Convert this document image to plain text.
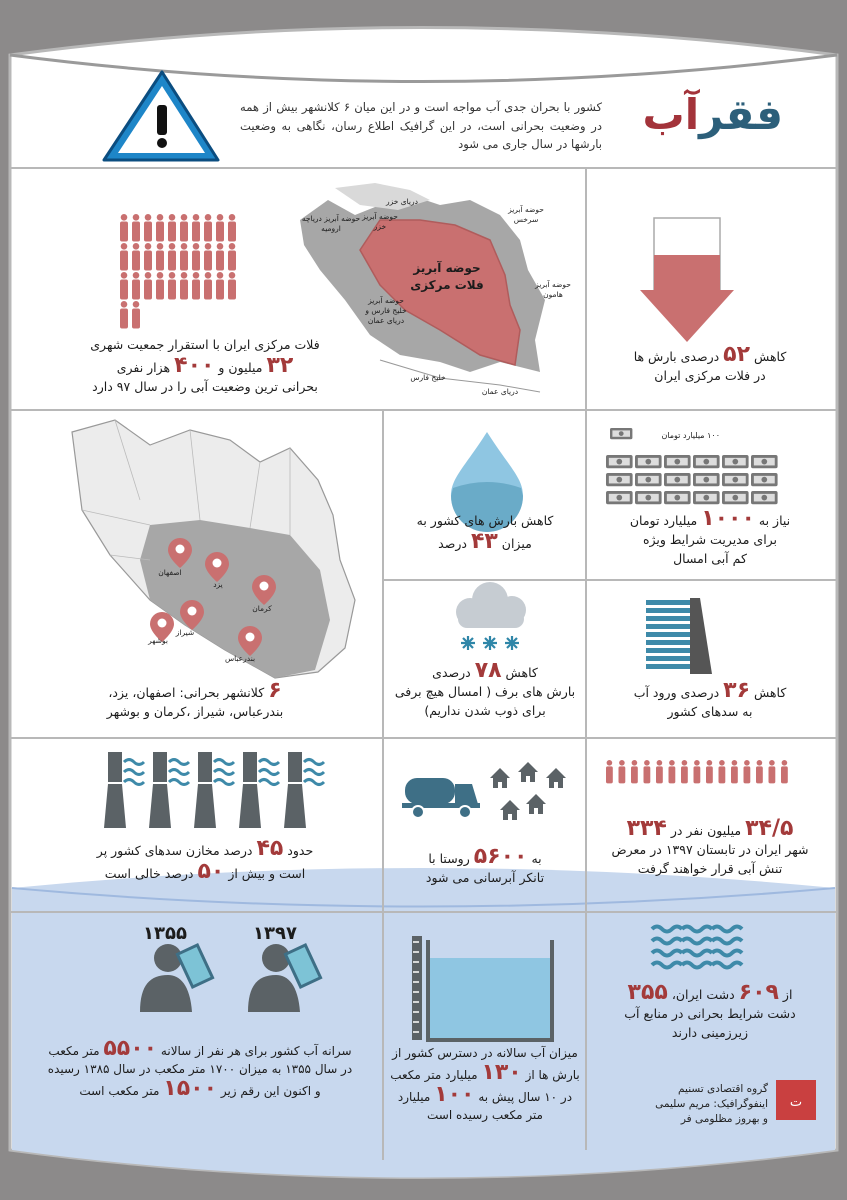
ت
فقرآب
کشور با بحران جدی آب مواجه است و در این میان ۶ کلانشهر بیش از همه در وضعیت بحرانی است، در این گرافیک اطلاع رسان، نگاهی به وضعیت بارشها در سال جاری می شود
حوضه آبریز فلات مرکزی
حوضه آبریز دریاچه ارومیه
حوضه آبریز خزر
دریای خزر
حوضه آبریز سرخس
حوضه آبریز هامون
حوضه آبریز خلیج فارس و دریای عمان
خلیج فارس
دریای عمان
کاهش ۵۲ درصدی بارش ها
در فلات مرکزی ایران
فلات مرکزی ایران با استقرار جمعیت شهری
۳۲ میلیون و ۴۰۰ هزار نفری
بحرانی ترین وضعیت آبی را در سال ۹۷ دارد
۱۰۰ میلیارد تومان
نیاز به ۱۰۰۰ میلیارد تومان
برای مدیریت شرایط ویژه
کم آبی امسال
کاهش بارش های کشور به
میزان ۴۳ درصد
۶ کلانشهر بحرانی: اصفهان، یزد،
بندرعباس، شیراز ،کرمان و بوشهر
اصفهان
یزد
کرمان
شیراز
بوشهر
بندرعباس
کاهش ۷۸ درصدی
بارش های برف ( امسال هیچ برفی
برای ذوب شدن نداریم)
کاهش ۳۶ درصدی ورود آب
به سدهای کشور
حدود ۴۵ درصد مخازن سدهای کشور پر
است و بیش از ۵۰ درصد خالی است
به ۵۶۰۰ روستا با
تانکر آبرسانی می شود
۳۴/۵ میلیون نفر در ۳۳۴
شهر ایران در تابستان ۱۳۹۷ در معرض
تنش آبی قرار خواهند گرفت
۱۳۵۵	۱۳۹۷
سرانه آب کشور برای هر نفر از سالانه ۵۵۰۰ متر مکعب
در سال ۱۳۵۵ به میزان ۱۷۰۰ متر مکعب در سال ۱۳۸۵ رسیده
و اکنون این رقم زیر ۱۵۰۰ متر مکعب است
میزان آب سالانه در دسترس کشور از
بارش ها از ۱۳۰ میلیارد متر مکعب
در ۱۰ سال پیش به ۱۰۰ میلیارد
متر مکعب رسیده است
از ۶۰۹ دشت ایران، ۳۵۵
دشت شرایط بحرانی در منابع آب
زیرزمینی دارند
گروه اقتصادی تسنیم
اینفوگرافیک: مریم سلیمی
و بهروز مظلومی فر
